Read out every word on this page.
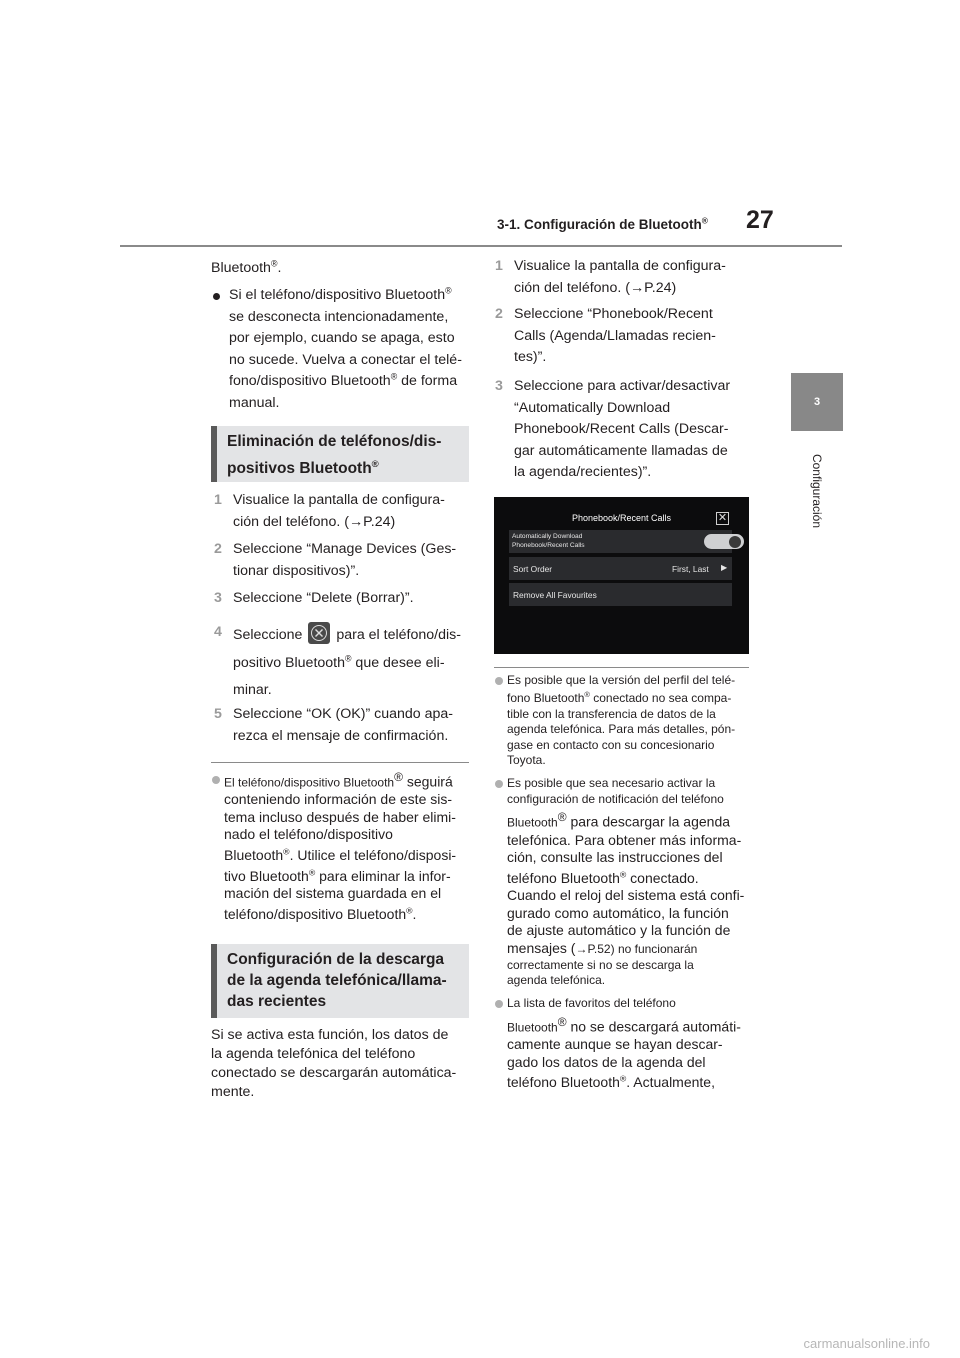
3-1. Configuración de Bluetooth® 27
3
Configuración
Bluetooth®.

Si el teléfono/dispositivo Bluetooth®

se desconecta intencionadamente,

por ejemplo, cuando se apaga, esto

no sucede. Vuelva a conectar el telé-

fono/dispositivo Bluetooth® de forma

manual.

Eliminación de teléfonos/dis-
positivos Bluetooth®
1 Visualice la pantalla de configura-

ción del teléfono. (→P.24)

2 Seleccione “Manage Devices (Ges-

tionar dispositivos)”.

3 Seleccione “Delete (Borrar)”.

4 Seleccione para el teléfono/dis-

positivo Bluetooth® que desee eli-

minar.

5 Seleccione “OK (OK)” cuando apa-

rezca el mensaje de confirmación.

El teléfono/dispositivo Bluetooth® seguirá
conteniendo información de este sis-
tema incluso después de haber elimi-
nado el teléfono/dispositivo
Bluetooth®. Utilice el teléfono/disposi-
tivo Bluetooth® para eliminar la infor-
mación del sistema guardada en el
teléfono/dispositivo Bluetooth®.
Configuración de la descarga
de la agenda telefónica/llama-
das recientes

Si se activa esta función, los datos de

la agenda telefónica del teléfono

conectado se descargarán automática-

mente.

1 Visualice la pantalla de configura-

ción del teléfono. (→P.24)

2 Seleccione “Phonebook/Recent

Calls (Agenda/Llamadas recien-

tes)”.

3 Seleccione para activar/desactivar

“Automatically Download

Phonebook/Recent Calls (Descar-

gar automáticamente llamadas de

la agenda/recientes)”.

Phonebook/Recent Calls	✕
Automatically Download
Phonebook/Recent Calls
Sort Order	First, Last ▶
Remove All Favourites
Es posible que la versión del perfil del telé-
fono Bluetooth® conectado no sea compa-
tible con la transferencia de datos de la
agenda telefónica. Para más detalles, pón-
gase en contacto con su concesionario
Toyota.
Es posible que sea necesario activar la
configuración de notificación del teléfono
Bluetooth® para descargar la agenda
telefónica. Para obtener más informa-
ción, consulte las instrucciones del
teléfono Bluetooth® conectado.
Cuando el reloj del sistema está confi-
gurado como automático, la función
de ajuste automático y la función de
mensajes (→P.52) no funcionarán
correctamente si no se descarga la
agenda telefónica.
La lista de favoritos del teléfono
Bluetooth® no se descargará automáti-
camente aunque se hayan descar-
gado los datos de la agenda del
teléfono Bluetooth®. Actualmente,
carmanualsonline.info
